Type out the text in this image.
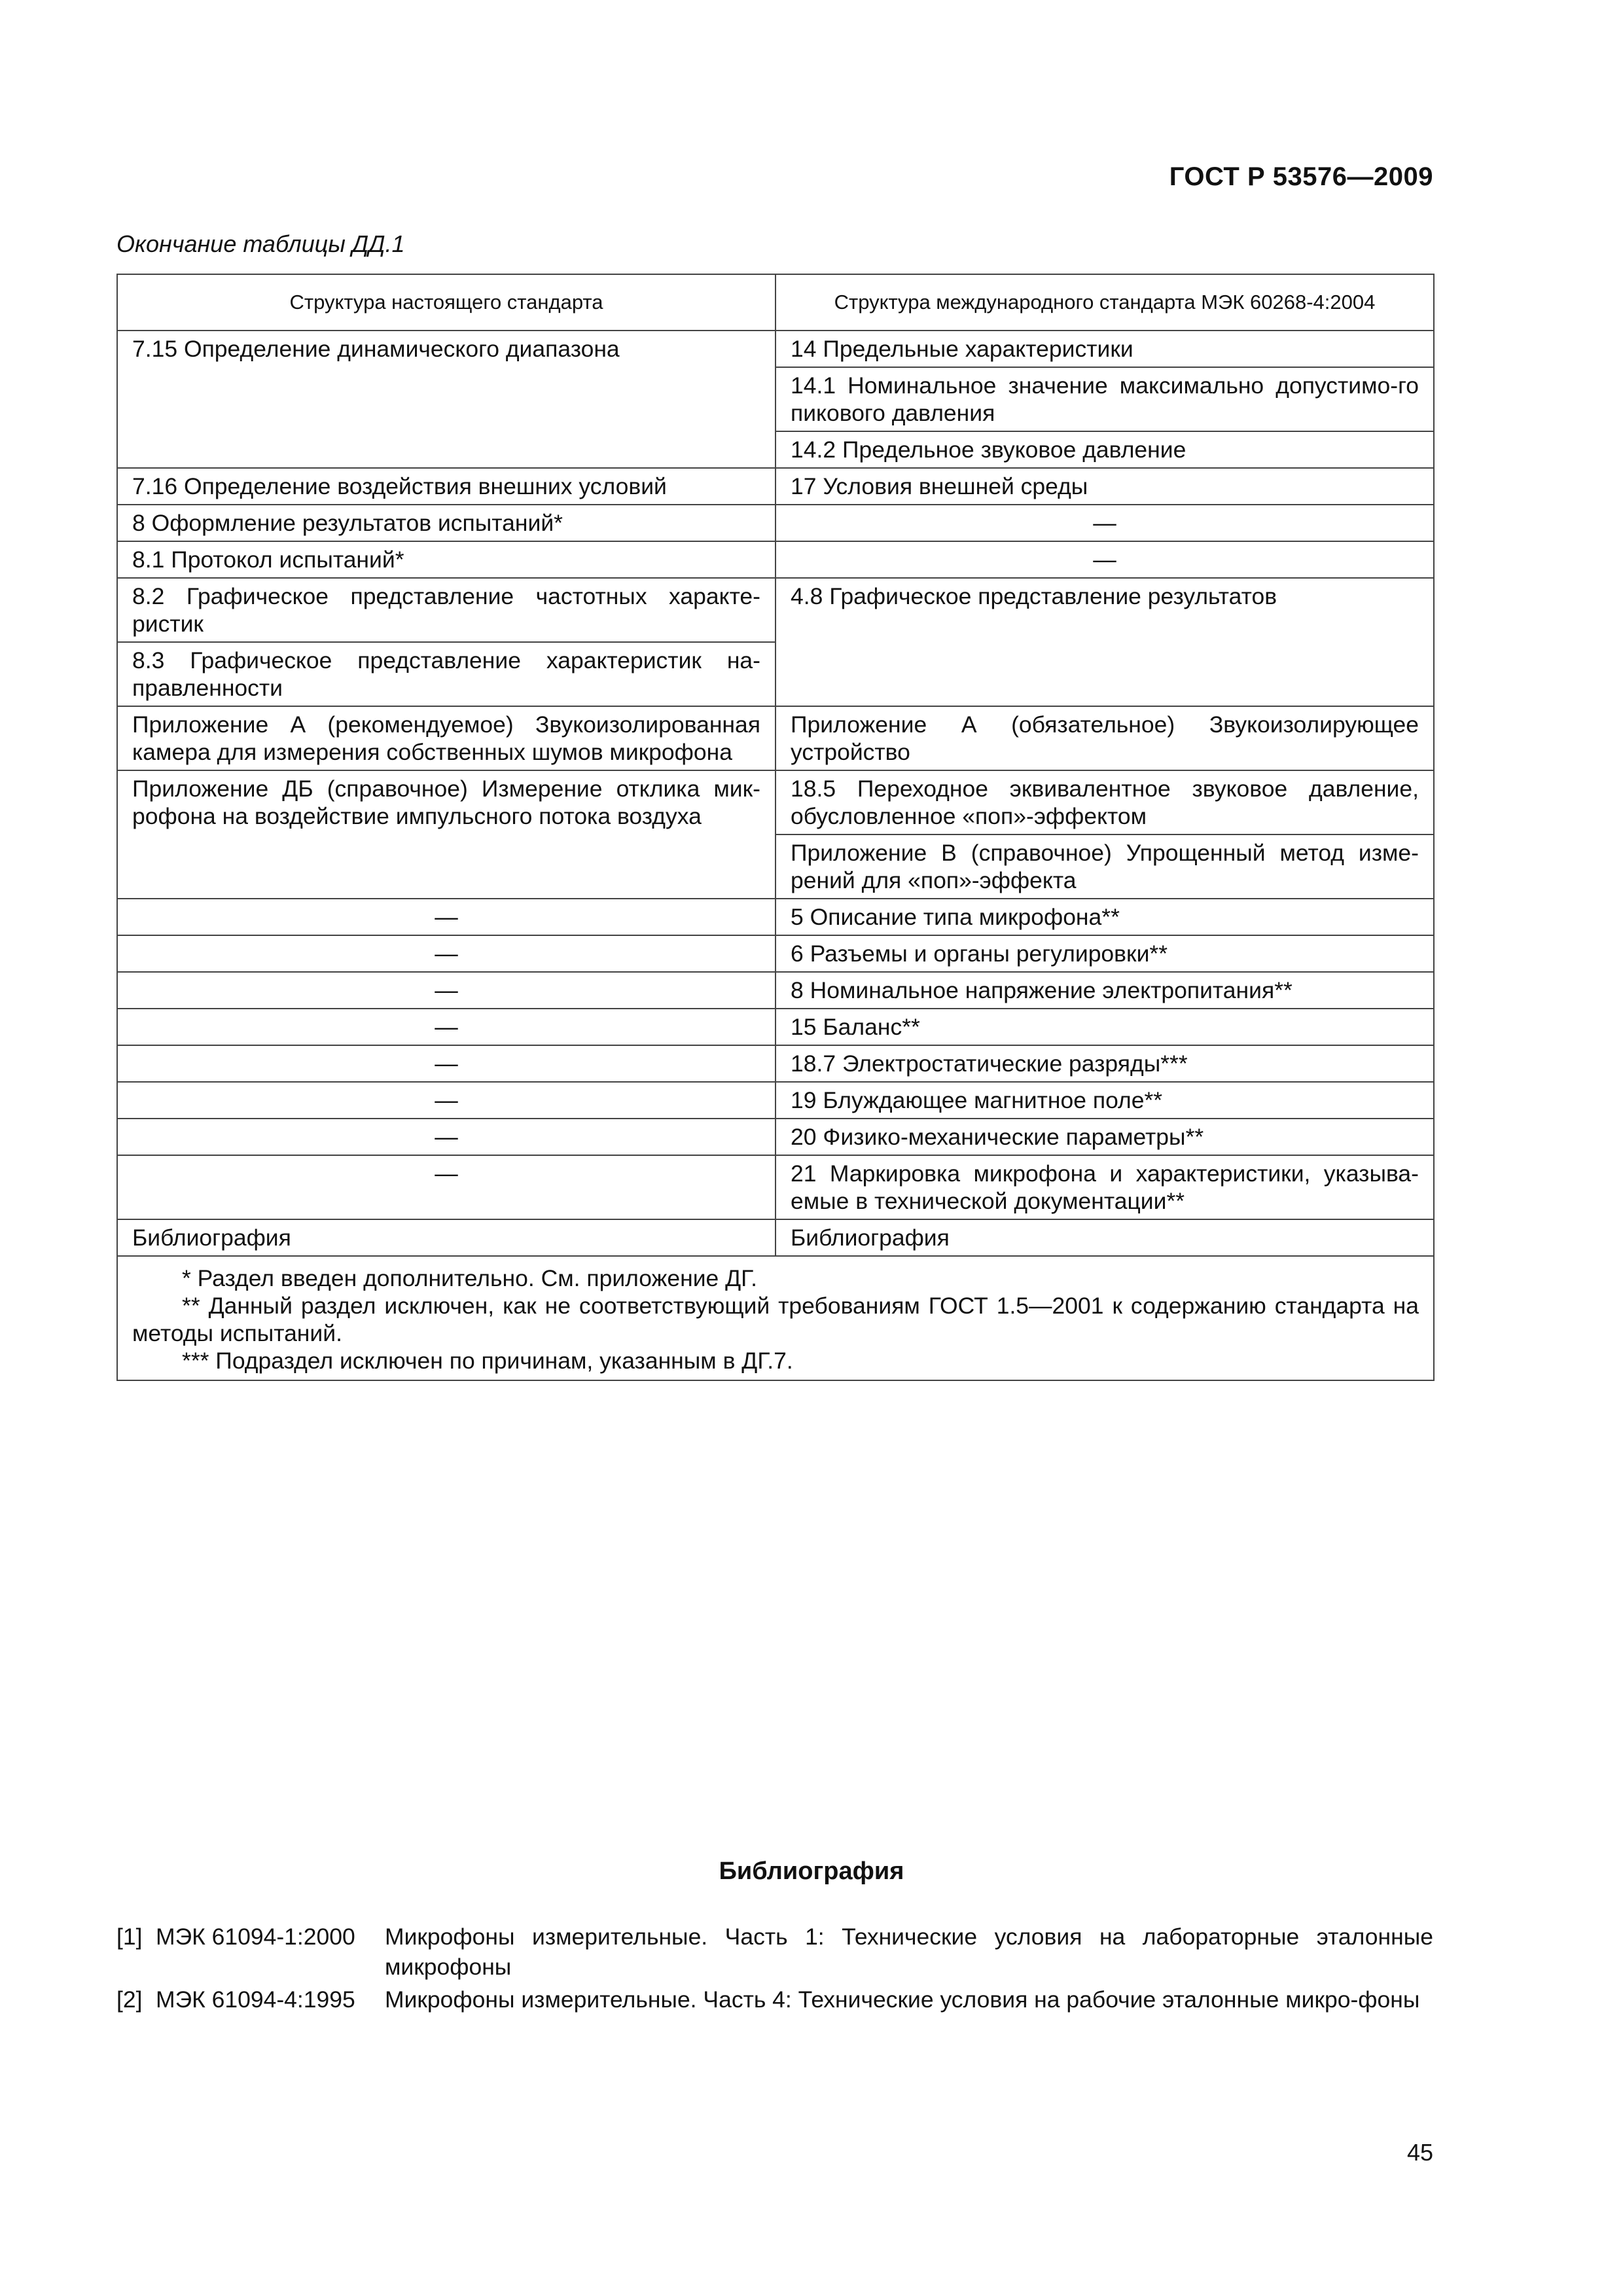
ГОСТ Р 53576—2009
Окончание таблицы ДД.1
Структура настоящего стандарта	Структура международного стандарта МЭК 60268-4:2004
7.15 Определение динамического диапазона	14 Предельные характеристики
	14.1 Номинальное значение максимально допустимо-го пикового давления
	14.2 Предельное звуковое давление
7.16 Определение воздействия внешних условий	17 Условия внешней среды
8 Оформление результатов испытаний*	—
8.1 Протокол испытаний*	—
8.2 Графическое представление частотных характе-ристик	4.8 Графическое представление результатов
8.3 Графическое представление характеристик на-правленности	
Приложение А (рекомендуемое) Звукоизолированная камера для измерения собственных шумов микрофона	Приложение А (обязательное) Звукоизолирующее устройство
Приложение ДБ (справочное) Измерение отклика мик-рофона на воздействие импульсного потока воздуха	18.5 Переходное эквивалентное звуковое давление, обусловленное «поп»-эффектом
	Приложение В (справочное) Упрощенный метод изме-рений для «поп»-эффекта
—	5 Описание типа микрофона**
—	6 Разъемы и органы регулировки**
—	8 Номинальное напряжение электропитания**
—	15 Баланс**
—	18.7 Электростатические разряды***
—	19 Блуждающее магнитное поле**
—	20 Физико-механические параметры**
—	21 Маркировка микрофона и характеристики, указыва-емые в технической документации**
Библиография	Библиография

* Раздел введен дополнительно. См. приложение ДГ.
** Данный раздел исключен, как не соответствующий требованиям ГОСТ 1.5—2001 к содержанию стандарта на методы испытаний.
*** Подраздел исключен по причинам, указанным в ДГ.7.	
Библиография
[1] МЭК 61094-1:2000	Микрофоны измерительные. Часть 1: Технические условия на лабораторные эталонные микрофоны
[2] МЭК 61094-4:1995	Микрофоны измерительные. Часть 4: Технические условия на рабочие эталонные микро-фоны
45
